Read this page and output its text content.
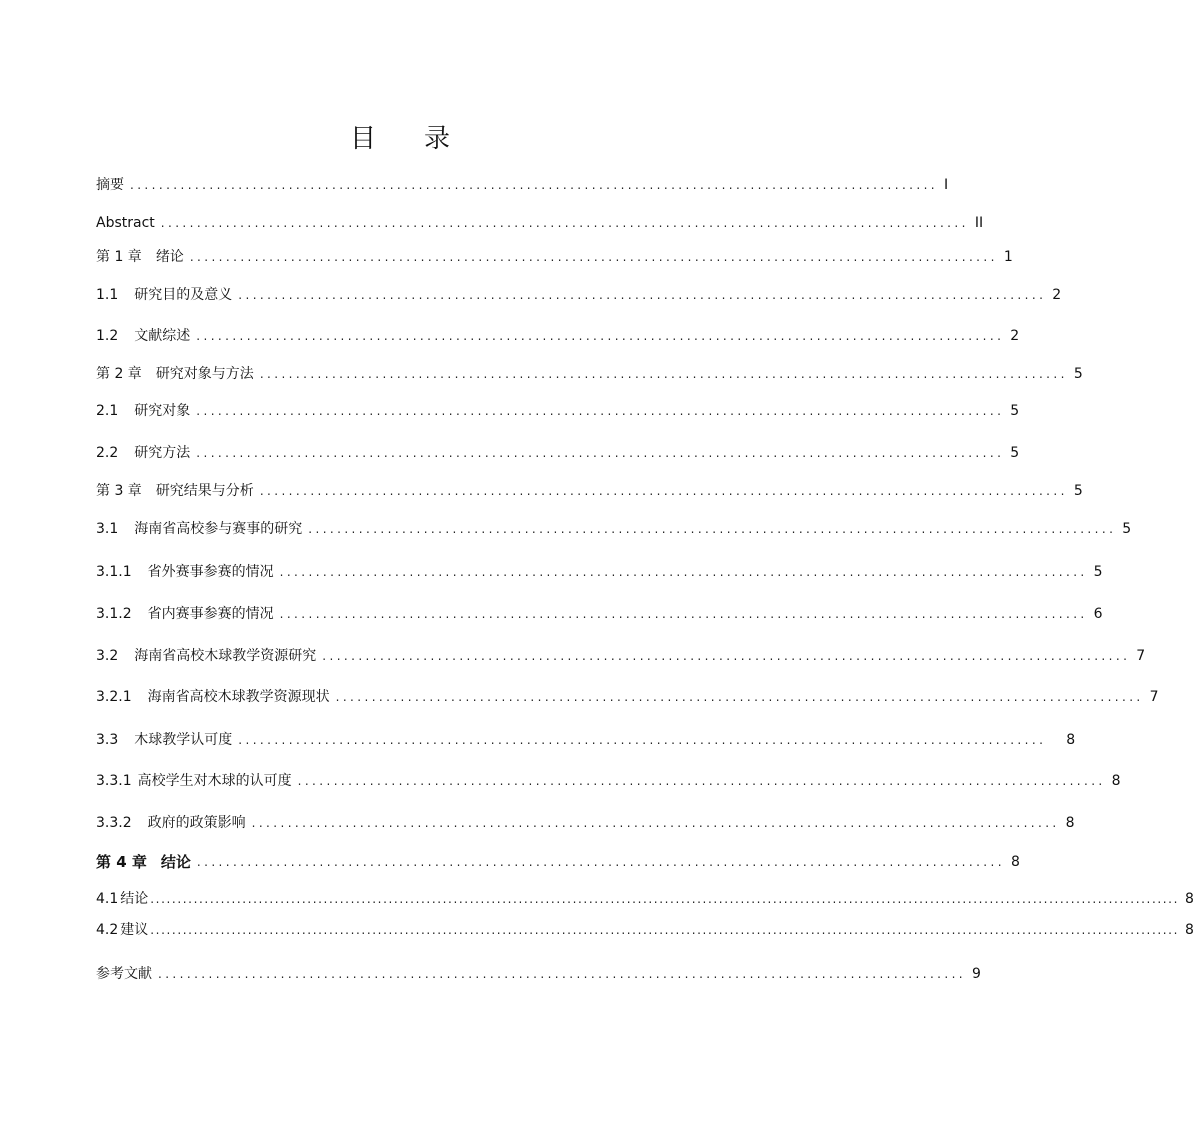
目 录
摘要 ................................................................................................................ I
Abstract ................................................................................................................ II
第 1 章 绪论 ................................................................................................................ 1
1.1 研究目的及意义 ................................................................................................................ 2
1.2 文献综述 ................................................................................................................ 2
第 2 章 研究对象与方法 ................................................................................................................ 5
2.1 研究对象 ................................................................................................................ 5
2.2 研究方法 ................................................................................................................ 5
第 3 章 研究结果与分析 ................................................................................................................ 5
3.1 海南省高校参与赛事的研究 ................................................................................................................ 5
3.1.1 省外赛事参赛的情况 ................................................................................................................ 5
3.1.2 省内赛事参赛的情况 ................................................................................................................ 6
3.2 海南省高校木球教学资源研究 ................................................................................................................ 7
3.2.1 海南省高校木球教学资源现状 ................................................................................................................ 7
3.3 木球教学认可度 ................................................................................................................ 8
3.3.1 高校学生对木球的认可度 ................................................................................................................ 8
3.3.2 政府的政策影响 ................................................................................................................ 8
第 4 章 结论 ................................................................................................................ 8
4.1 结论 .............................................................................................................................................................................................. 8
4.2 建议 .............................................................................................................................................................................................. 8
参考文献 ................................................................................................................ 9
